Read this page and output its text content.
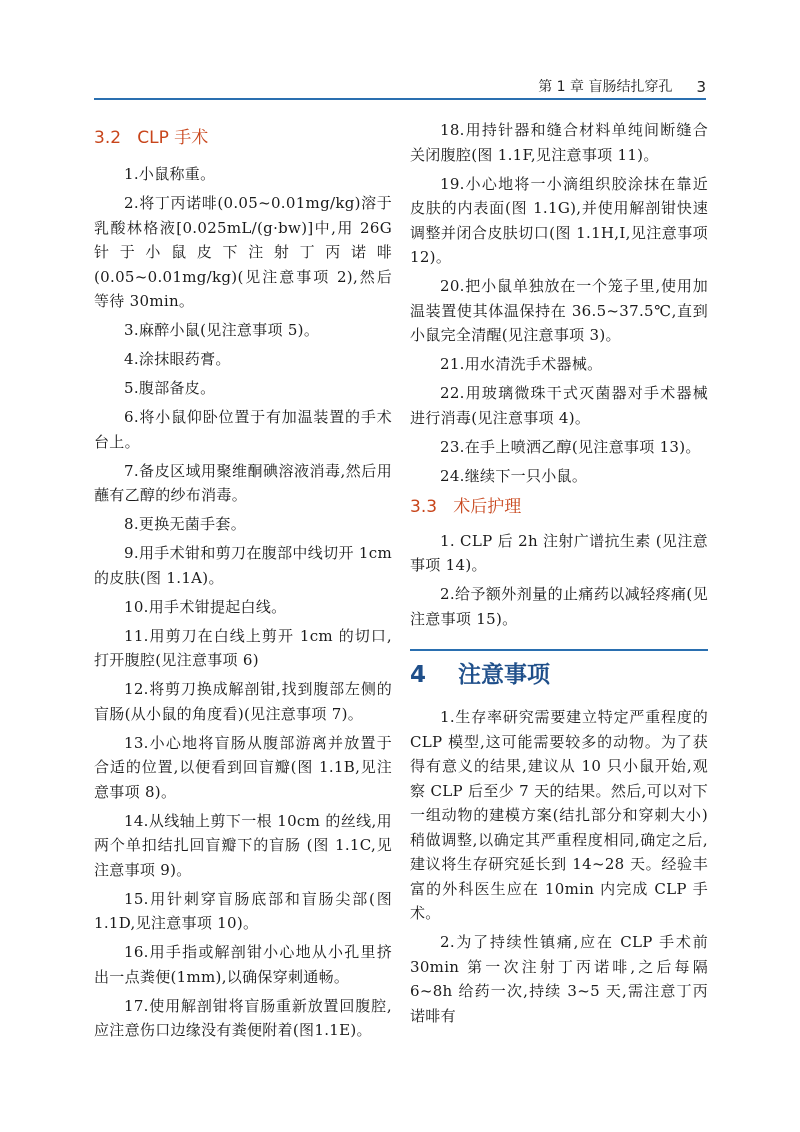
第 1 章 盲肠结扎穿孔 3
3.2   CLP 手术

1.小鼠称重。

2.将丁丙诺啡(0.05~0.01mg/kg)溶于乳酸林格液[0.025mL/(g·bw)]中,用 26G 针于小鼠皮下注射丁丙诺啡 (0.05~0.01mg/kg)(见注意事项 2),然后等待 30min。

3.麻醉小鼠(见注意事项 5)。

4.涂抹眼药膏。

5.腹部备皮。

6.将小鼠仰卧位置于有加温装置的手术台上。

7.备皮区域用聚维酮碘溶液消毒,然后用蘸有乙醇的纱布消毒。

8.更换无菌手套。

9.用手术钳和剪刀在腹部中线切开 1cm 的皮肤(图 1.1A)。

10.用手术钳提起白线。

11.用剪刀在白线上剪开 1cm 的切口,打开腹腔(见注意事项 6)

12.将剪刀换成解剖钳,找到腹部左侧的盲肠(从小鼠的角度看)(见注意事项 7)。

13.小心地将盲肠从腹部游离并放置于合适的位置,以便看到回盲瓣(图 1.1B,见注意事项 8)。

14.从线轴上剪下一根 10cm 的丝线,用两个单扣结扎回盲瓣下的盲肠 (图 1.1C,见注意事项 9)。

15.用针刺穿盲肠底部和盲肠尖部(图 1.1D,见注意事项 10)。

16.用手指或解剖钳小心地从小孔里挤出一点粪便(1mm),以确保穿刺通畅。

17.使用解剖钳将盲肠重新放置回腹腔,应注意伤口边缘没有粪便附着(图1.1E)。

18.用持针器和缝合材料单纯间断缝合关闭腹腔(图 1.1F,见注意事项 11)。

19.小心地将一小滴组织胶涂抹在靠近皮肤的内表面(图 1.1G),并使用解剖钳快速调整并闭合皮肤切口(图 1.1H,I,见注意事项 12)。

20.把小鼠单独放在一个笼子里,使用加温装置使其体温保持在 36.5~37.5℃,直到小鼠完全清醒(见注意事项 3)。

21.用水清洗手术器械。

22.用玻璃微珠干式灭菌器对手术器械进行消毒(见注意事项 4)。

23.在手上喷洒乙醇(见注意事项 13)。

24.继续下一只小鼠。

3.3   术后护理

1. CLP 后 2h 注射广谱抗生素 (见注意事项 14)。

2.给予额外剂量的止痛药以减轻疼痛(见注意事项 15)。

4    注意事项

1.生存率研究需要建立特定严重程度的 CLP 模型,这可能需要较多的动物。为了获得有意义的结果,建议从 10 只小鼠开始,观察 CLP 后至少 7 天的结果。然后,可以对下一组动物的建模方案(结扎部分和穿刺大小)稍做调整,以确定其严重程度相同,确定之后,建议将生存研究延长到 14~28 天。经验丰富的外科医生应在 10min 内完成 CLP 手术。

2.为了持续性镇痛,应在 CLP 手术前 30min 第一次注射丁丙诺啡,之后每隔 6~8h 给药一次,持续 3~5 天,需注意丁丙诺啡有
